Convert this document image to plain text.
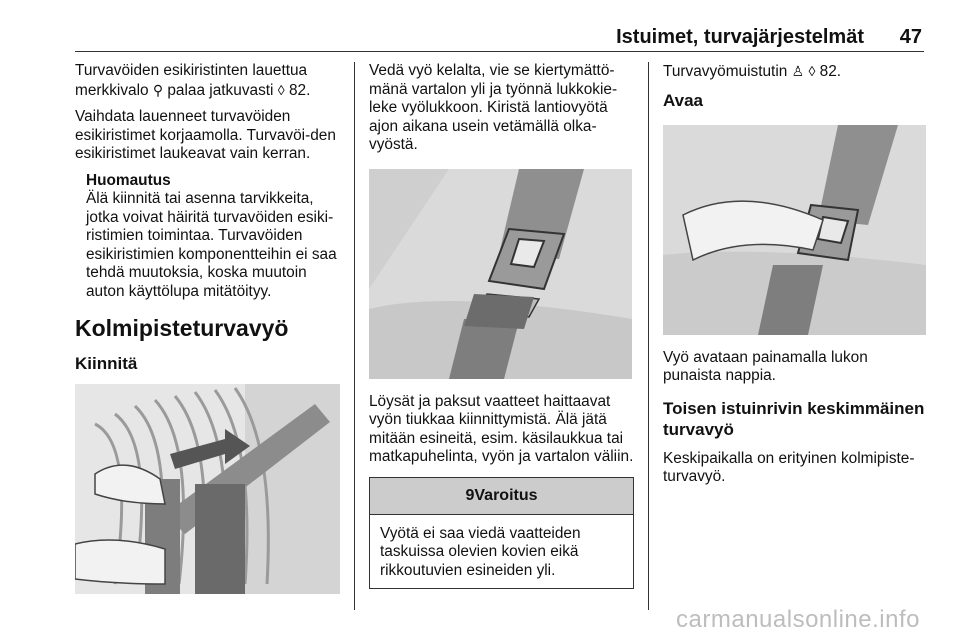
Istuimet, turvajärjestelmät 47

Turvavöiden esikiristinten lauettua merkkivalo ⚲ palaa jatkuvasti ◊ 82.

Vaihdata lauenneet turvavöiden esikiristimet korjaamolla. Turvavöi-den esikiristimet laukeavat vain kerran.

Huomautus
Älä kiinnitä tai asenna tarvikkeita, jotka voivat häiritä turvavöiden esiki-ristimien toimintaa. Turvavöiden esikiristimien komponentteihin ei saa tehdä muutoksia, koska muutoin auton käyttölupa mitätöityy.
Kolmipisteturvavyö
Kiinnitä

Vedä vyö kelalta, vie se kiertymättö-mänä vartalon yli ja työnnä lukkokie-leke vyölukkoon. Kiristä lantiovyötä ajon aikana usein vetämällä olka-vyöstä.

Löysät ja paksut vaatteet haittaavat vyön tiukkaa kiinnittymistä. Älä jätä mitään esineitä, esim. käsilaukkua tai matkapuhelinta, vyön ja vartalon väliin.

9Varoitus
Vyötä ei saa viedä vaatteiden taskuissa olevien kovien eikä rikkoutuvien esineiden yli.

Turvavyömuistutin ♙ ◊ 82.

Avaa

Vyö avataan painamalla lukon punaista nappia.

Toisen istuinrivin keskimmäinen turvavyö

Keskipaikalla on erityinen kolmipiste-turvavyö.

carmanualsonline.info
